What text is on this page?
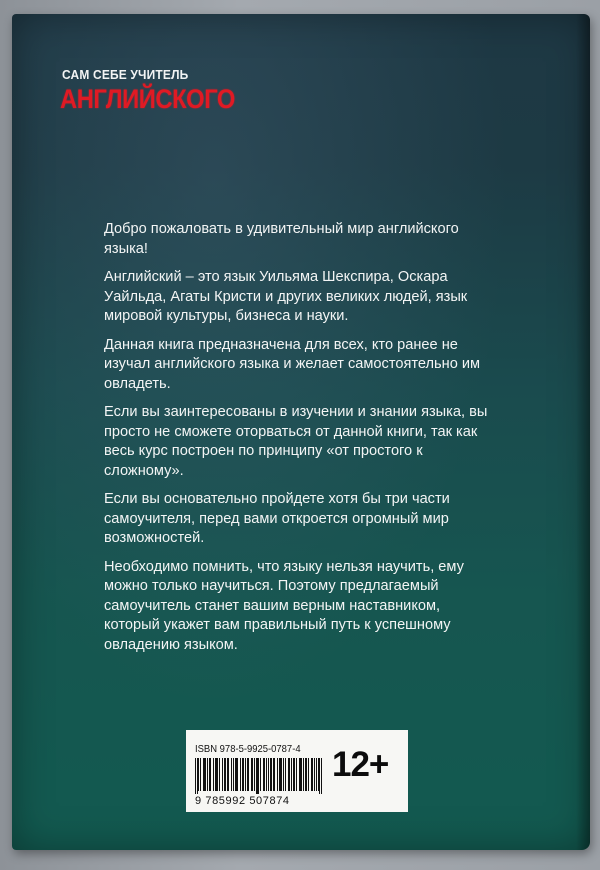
САМ СЕБЕ УЧИТЕЛЬ
АНГЛИЙСКОГО

Добро пожаловать в удивительный мир английского языка!

Английский – это язык Уильяма Шекспира, Оскара Уайльда, Агаты Кристи и других великих людей, язык мировой культуры, бизнеса и науки.

Данная книга предназначена для всех, кто ранее не изучал английского языка и желает самостоятельно им овладеть.

Если вы заинтересованы в изучении и знании языка, вы просто не сможете оторваться от данной книги, так как весь курс построен по принципу «от простого к сложному».

Если вы основательно пройдете хотя бы три части самоучителя, перед вами откроется огромный мир возможностей.

Необходимо помнить, что языку нельзя научить, ему можно только научиться. Поэтому предлагаемый самоучитель станет вашим верным наставником, который укажет вам правильный путь к успешному овладению языком.

ISBN 978-5-9925-0787-4
9 785992 507874
12+
